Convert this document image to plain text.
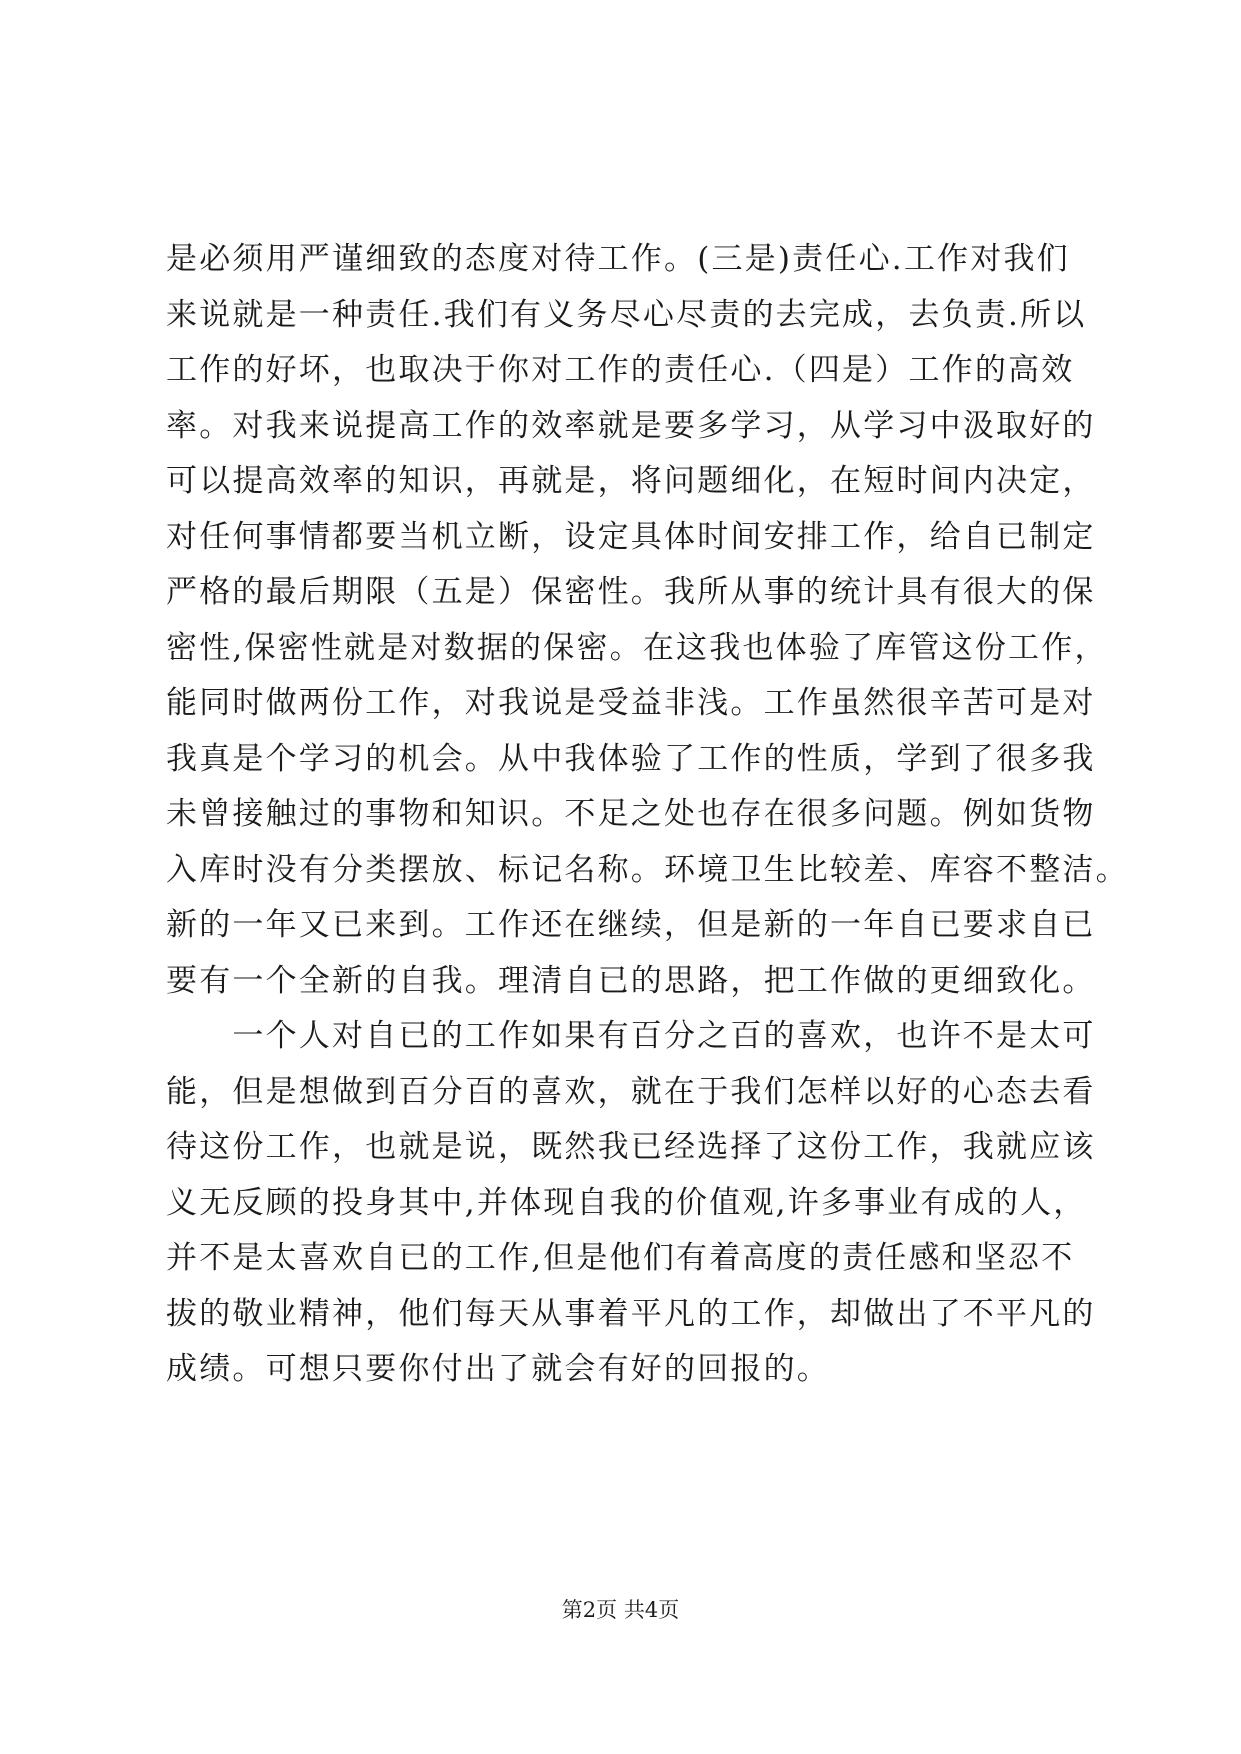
是必须用严谨细致的态度对待工作。(三是)责任心.工作对我们
来说就是一种责任.我们有义务尽心尽责的去完成，去负责.所以
工作的好坏，也取决于你对工作的责任心.（四是）工作的高效
率。对我来说提高工作的效率就是要多学习，从学习中汲取好的
可以提高效率的知识，再就是，将问题细化，在短时间内决定，
对任何事情都要当机立断，设定具体时间安排工作，给自已制定
严格的最后期限（五是）保密性。我所从事的统计具有很大的保
密性,保密性就是对数据的保密。在这我也体验了库管这份工作，
能同时做两份工作，对我说是受益非浅。工作虽然很辛苦可是对
我真是个学习的机会。从中我体验了工作的性质，学到了很多我
未曾接触过的事物和知识。不足之处也存在很多问题。例如货物
入库时没有分类摆放、标记名称。环境卫生比较差、库容不整洁。
新的一年又已来到。工作还在继续，但是新的一年自已要求自已
要有一个全新的自我。理清自已的思路，把工作做的更细致化。
　　一个人对自已的工作如果有百分之百的喜欢，也许不是太可
能，但是想做到百分百的喜欢，就在于我们怎样以好的心态去看
待这份工作，也就是说，既然我已经选择了这份工作，我就应该
义无反顾的投身其中,并体现自我的价值观,许多事业有成的人，
并不是太喜欢自已的工作,但是他们有着高度的责任感和坚忍不
拔的敬业精神，他们每天从事着平凡的工作，却做出了不平凡的
成绩。可想只要你付出了就会有好的回报的。
第2页 共4页
